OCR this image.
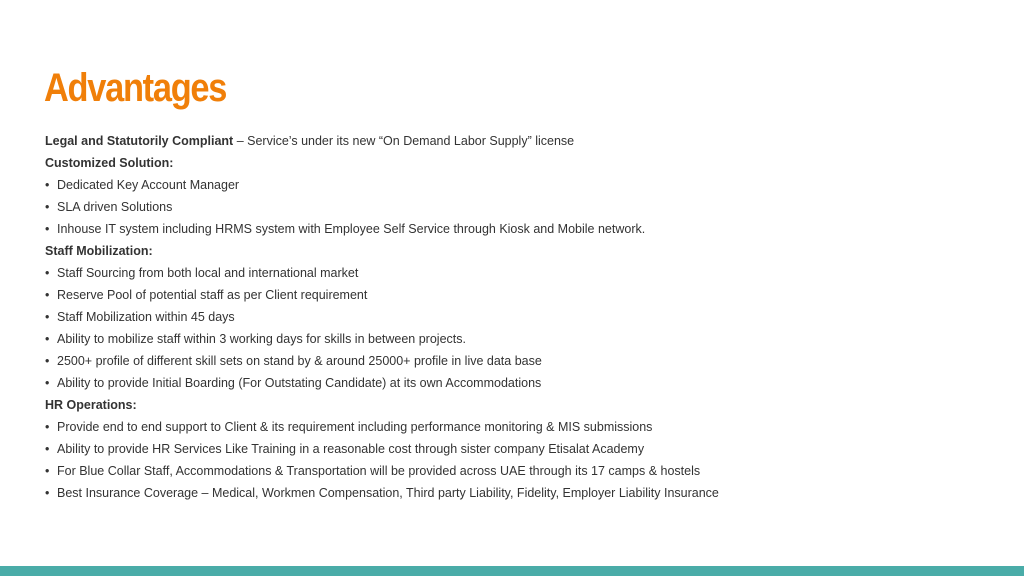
Advantages
Legal and Statutorily Compliant – Service’s under its new “On Demand Labor Supply” license
Customized Solution:
• Dedicated Key Account Manager
• SLA driven Solutions
• Inhouse IT system including HRMS system with Employee Self Service through Kiosk and Mobile network.
Staff Mobilization:
• Staff Sourcing from both local and international market
• Reserve Pool of potential staff as per Client requirement
• Staff Mobilization within 45 days
• Ability to mobilize staff within 3 working days for skills in between projects.
• 2500+ profile of different skill sets on stand by & around 25000+ profile in live data base
• Ability to provide Initial Boarding (For Outstating Candidate) at its own Accommodations
HR Operations:
• Provide end to end support to Client & its requirement including performance monitoring & MIS submissions
• Ability to provide HR Services Like Training in a reasonable cost through sister company Etisalat Academy
• For Blue Collar Staff, Accommodations & Transportation will be provided across UAE through its 17 camps & hostels
• Best Insurance Coverage – Medical, Workmen Compensation, Third party Liability, Fidelity, Employer Liability Insurance
